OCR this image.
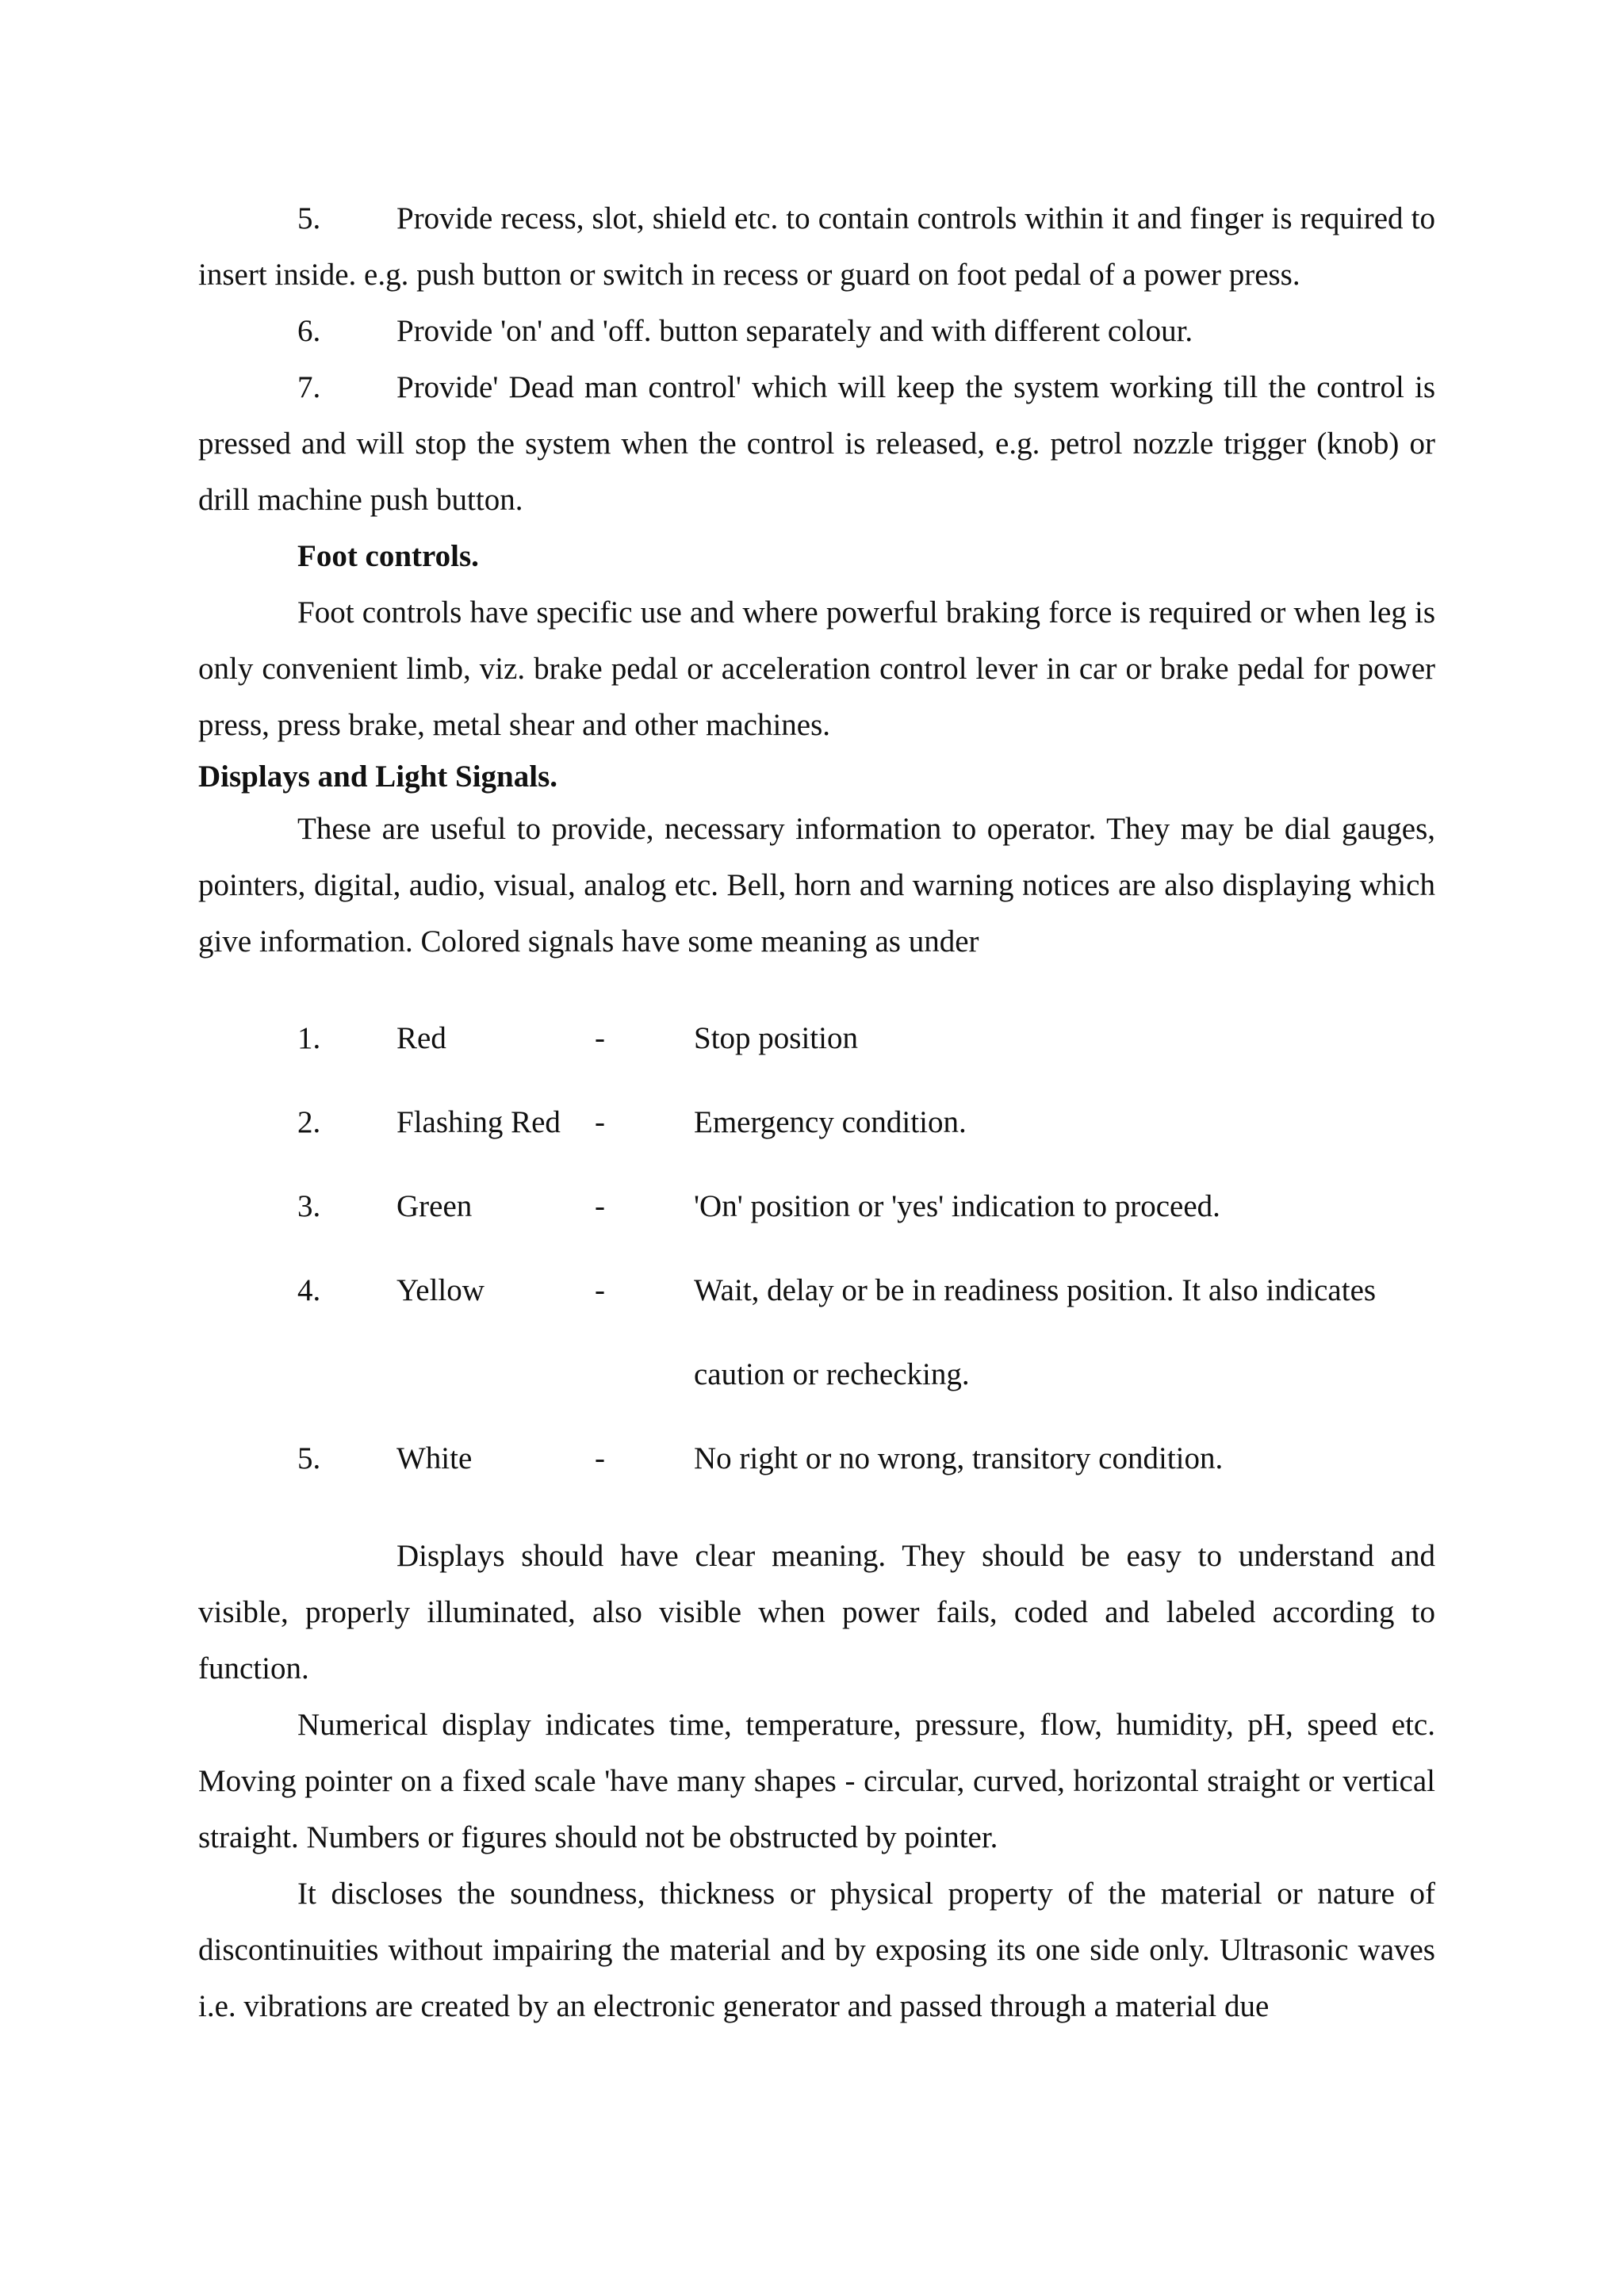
5. Provide recess, slot, shield etc. to contain controls within it and finger is required to insert inside. e.g. push button or switch in recess or guard on foot pedal of a power press.

6. Provide 'on' and 'off. button separately and with different colour.

7. Provide' Dead man control' which will keep the system working till the control is pressed and will stop the system when the control is released, e.g. petrol nozzle trigger (knob) or drill machine push button.

Foot controls.

Foot controls have specific use and where powerful braking force is required or when leg is only convenient limb, viz. brake pedal or acceleration control lever in car or brake pedal for power press, press brake, metal shear and other machines.

Displays and Light Signals.

These are useful to provide, necessary information to operator. They may be dial gauges, pointers, digital, audio, visual, analog etc. Bell, horn and warning notices are also displaying which give information. Colored signals have some meaning as under

1.	Red	-	Stop position
2.	Flashing Red	-	Emergency condition.
3.	Green	-	'On' position or 'yes' indication to proceed.
4.	Yellow	-	Wait, delay or be in readiness position. It also indicates
caution or rechecking.
5.	White	-	No right or no wrong, transitory condition.

Displays should have clear meaning. They should be easy to understand and visible, properly illuminated, also visible when power fails, coded and labeled according to function.

Numerical display indicates time, temperature, pressure, flow, humidity, pH, speed etc. Moving pointer on a fixed scale 'have many shapes - circular, curved, horizontal straight or vertical straight. Numbers or figures should not be obstructed by pointer.

It discloses the soundness, thickness or physical property of the material or nature of discontinuities without impairing the material and by exposing its one side only. Ultrasonic waves i.e. vibrations are created by an electronic generator and passed through a material due
